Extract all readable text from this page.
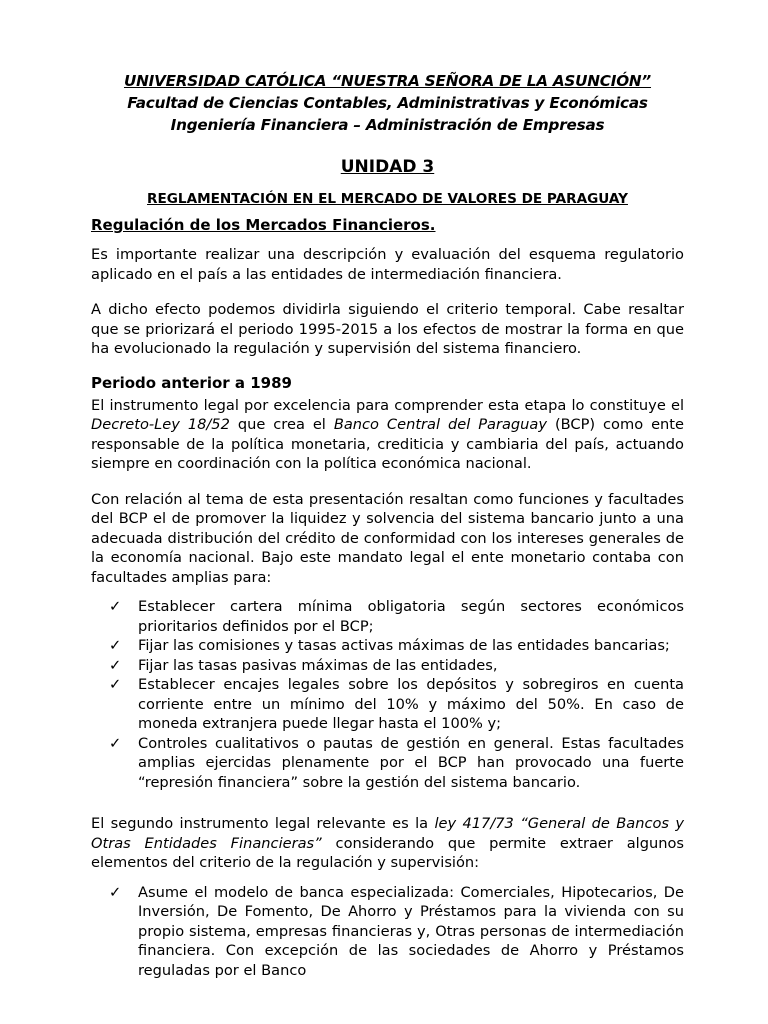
UNIVERSIDAD CATÓLICA “NUESTRA SEÑORA DE LA ASUNCIÓN”
Facultad de Ciencias Contables, Administrativas y Económicas
Ingeniería Financiera – Administración de Empresas
UNIDAD 3
REGLAMENTACIÓN EN EL MERCADO DE VALORES DE PARAGUAY
Regulación de los Mercados Financieros.

Es importante realizar una descripción y evaluación del esquema regulatorio aplicado en el país a las entidades de intermediación financiera.

A dicho efecto podemos dividirla siguiendo el criterio temporal. Cabe resaltar que se priorizará el periodo 1995-2015 a los efectos de mostrar la forma en que ha evolucionado la regulación y supervisión del sistema financiero.

Periodo anterior a 1989

El instrumento legal por excelencia para comprender esta etapa lo constituye el Decreto-Ley 18/52 que crea el Banco Central del Paraguay (BCP) como ente responsable de la política monetaria, crediticia y cambiaria del país, actuando siempre en coordinación con la política económica nacional.

Con relación al tema de esta presentación resaltan como funciones y facultades del BCP el de promover la liquidez y solvencia del sistema bancario junto a una adecuada distribución del crédito de conformidad con los intereses generales de la economía nacional. Bajo este mandato legal el ente monetario contaba con facultades amplias para:

✓ Establecer cartera mínima obligatoria según sectores económicos prioritarios definidos por el BCP;
✓ Fijar las comisiones y tasas activas máximas de las entidades bancarias;
✓ Fijar las tasas pasivas máximas de las entidades,
✓ Establecer encajes legales sobre los depósitos y sobregiros en cuenta corriente entre un mínimo del 10% y máximo del 50%. En caso de moneda extranjera puede llegar hasta el 100% y;
✓ Controles cualitativos o pautas de gestión en general. Estas facultades amplias ejercidas plenamente por el BCP han provocado una fuerte “represión financiera” sobre la gestión del sistema bancario.

El segundo instrumento legal relevante es la ley 417/73 “General de Bancos y Otras Entidades Financieras” considerando que permite extraer algunos elementos del criterio de la regulación y supervisión:

✓ Asume el modelo de banca especializada: Comerciales, Hipotecarios, De Inversión, De Fomento, De Ahorro y Préstamos para la vivienda con su propio sistema, empresas financieras y, Otras personas de intermediación financiera. Con excepción de las sociedades de Ahorro y Préstamos reguladas por el Banco
